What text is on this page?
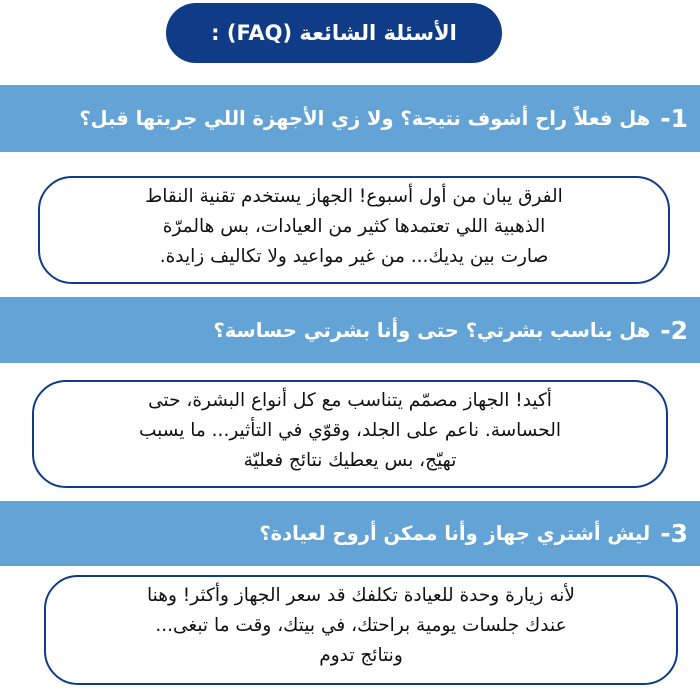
الأسئلة الشائعة (FAQ) :
1-
هل فعلاً راح أشوف نتيجة؟ ولا زي الأجهزة اللي جربتها قبل؟
الفرق يبان من أول أسبوع! الجهاز يستخدم تقنية النقاط
الذهبية اللي تعتمدها كثير من العيادات، بس هالمرّة
صارت بين يديك... من غير مواعيد ولا تكاليف زايدة.
2-
هل يناسب بشرتي؟ حتى وأنا بشرتي حساسة؟
أكيد! الجهاز مصمّم يتناسب مع كل أنواع البشرة، حتى
الحساسة. ناعم على الجلد، وقوّي في التأثير... ما يسبب
تهيّج، بس يعطيك نتائج فعليّة
3-
ليش أشتري جهاز وأنا ممكن أروح لعيادة؟
لأنه زيارة وحدة للعيادة تكلفك قد سعر الجهاز وأكثر! وهنا
عندك جلسات يومية براحتك، في بيتك، وقت ما تبغى...
ونتائج تدوم
